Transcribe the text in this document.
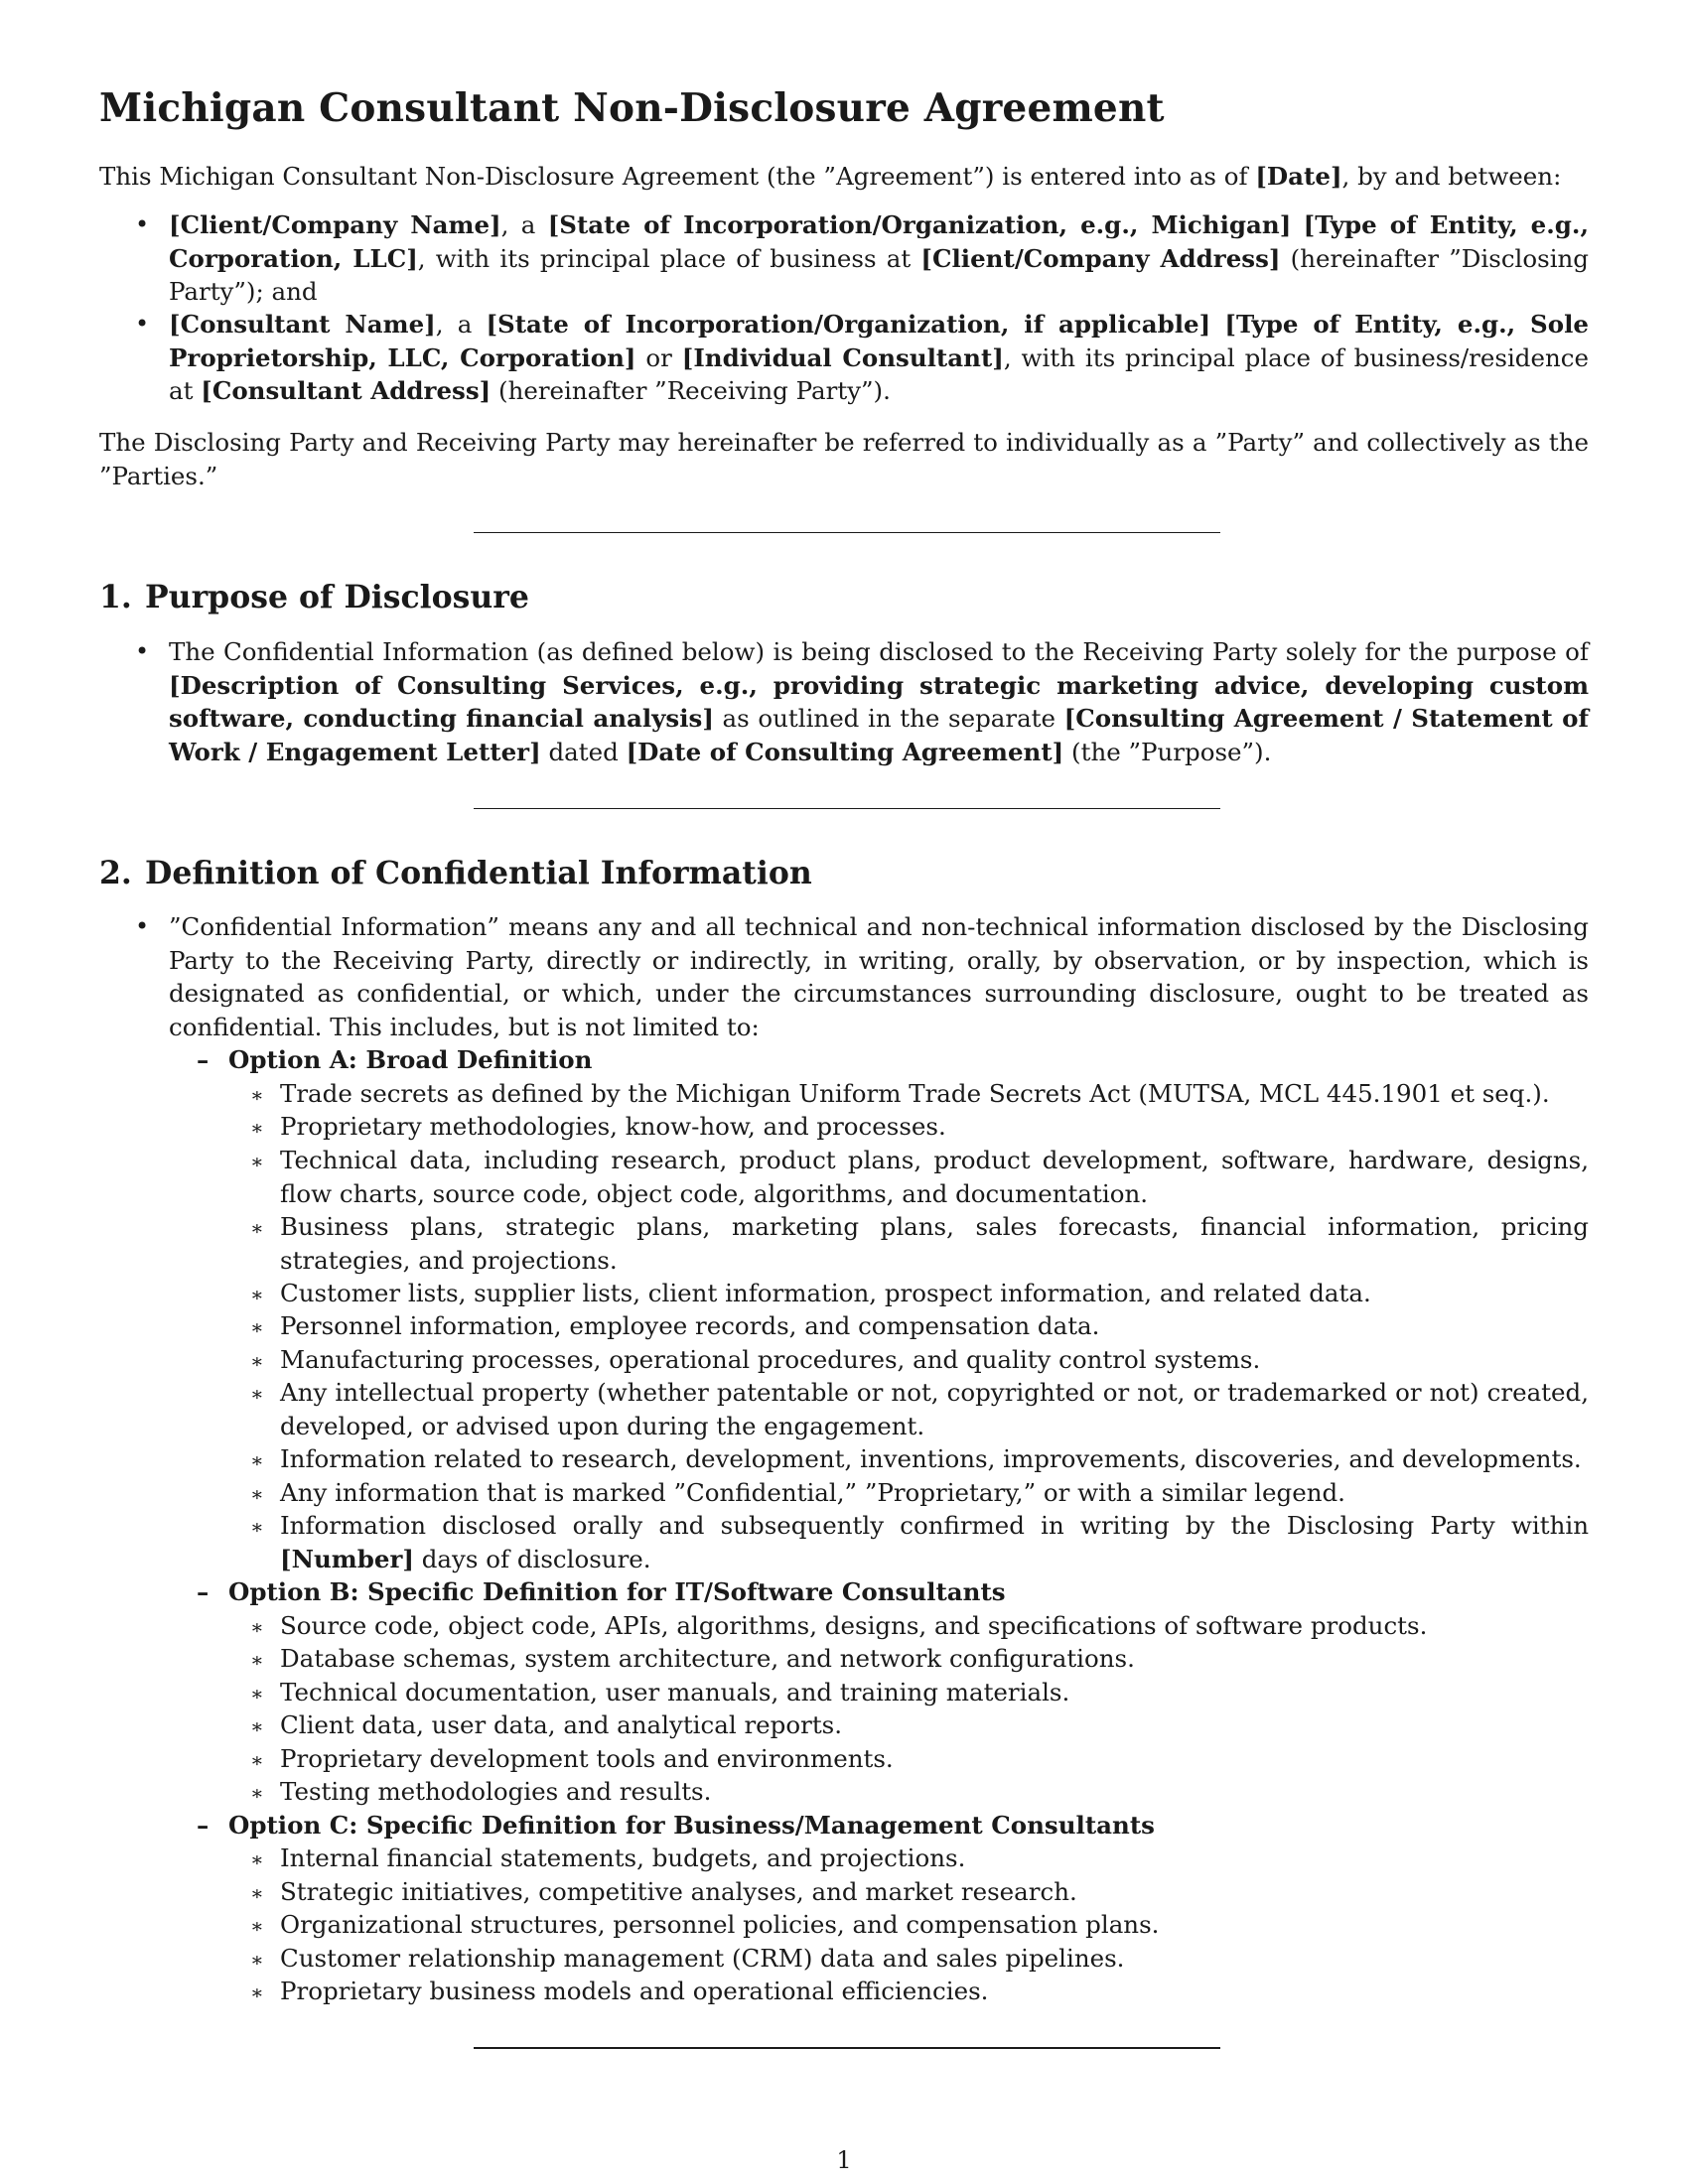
Michigan Consultant Non-Disclosure Agreement

This Michigan Consultant Non-Disclosure Agreement (the ”Agreement”) is entered into as of [Date], by and between:

• [Client/Company Name], a [State of Incorporation/Organization, e.g., Michigan] [Type of Entity, e.g., Corporation, LLC], with its principal place of business at [Client/Company Address] (hereinafter ”Disclosing Party”); and
• [Consultant Name], a [State of Incorporation/Organization, if applicable] [Type of Entity, e.g., Sole Proprietorship, LLC, Corporation] or [Individual Consultant], with its principal place of business/residence at [Consultant Address] (hereinafter ”Receiving Party”).

The Disclosing Party and Receiving Party may hereinafter be referred to individually as a ”Party” and collectively as the ”Parties.”

1. Purpose of Disclosure
• The Confidential Information (as defined below) is being disclosed to the Receiving Party solely for the purpose of [Description of Consulting Services, e.g., providing strategic marketing advice, developing custom software, conducting financial analysis] as outlined in the separate [Consulting Agreement / Statement of Work / Engagement Letter] dated [Date of Consulting Agreement] (the ”Purpose”).
2. Definition of Confidential Information
• ”Confidential Information” means any and all technical and non-technical information disclosed by the Disclosing Party to the Receiving Party, directly or indirectly, in writing, orally, by observation, or by inspection, which is designated as confidential, or which, under the circumstances surrounding disclosure, ought to be treated as confidential. This includes, but is not limited to:
– Option A: Broad Definition
∗ Trade secrets as defined by the Michigan Uniform Trade Secrets Act (MUTSA, MCL 445.1901 et seq.).
∗ Proprietary methodologies, know-how, and processes.
∗ Technical data, including research, product plans, product development, software, hardware, designs, flow charts, source code, object code, algorithms, and documentation.
∗ Business plans, strategic plans, marketing plans, sales forecasts, financial information, pricing strategies, and projections.
∗ Customer lists, supplier lists, client information, prospect information, and related data.
∗ Personnel information, employee records, and compensation data.
∗ Manufacturing processes, operational procedures, and quality control systems.
∗ Any intellectual property (whether patentable or not, copyrighted or not, or trademarked or not) created, developed, or advised upon during the engagement.
∗ Information related to research, development, inventions, improvements, discoveries, and developments.
∗ Any information that is marked ”Confidential,” ”Proprietary,” or with a similar legend.
∗ Information disclosed orally and subsequently confirmed in writing by the Disclosing Party within [Number] days of disclosure.
– Option B: Specific Definition for IT/Software Consultants
∗ Source code, object code, APIs, algorithms, designs, and specifications of software products.
∗ Database schemas, system architecture, and network configurations.
∗ Technical documentation, user manuals, and training materials.
∗ Client data, user data, and analytical reports.
∗ Proprietary development tools and environments.
∗ Testing methodologies and results.
– Option C: Specific Definition for Business/Management Consultants
∗ Internal financial statements, budgets, and projections.
∗ Strategic initiatives, competitive analyses, and market research.
∗ Organizational structures, personnel policies, and compensation plans.
∗ Customer relationship management (CRM) data and sales pipelines.
∗ Proprietary business models and operational efficiencies.
1
